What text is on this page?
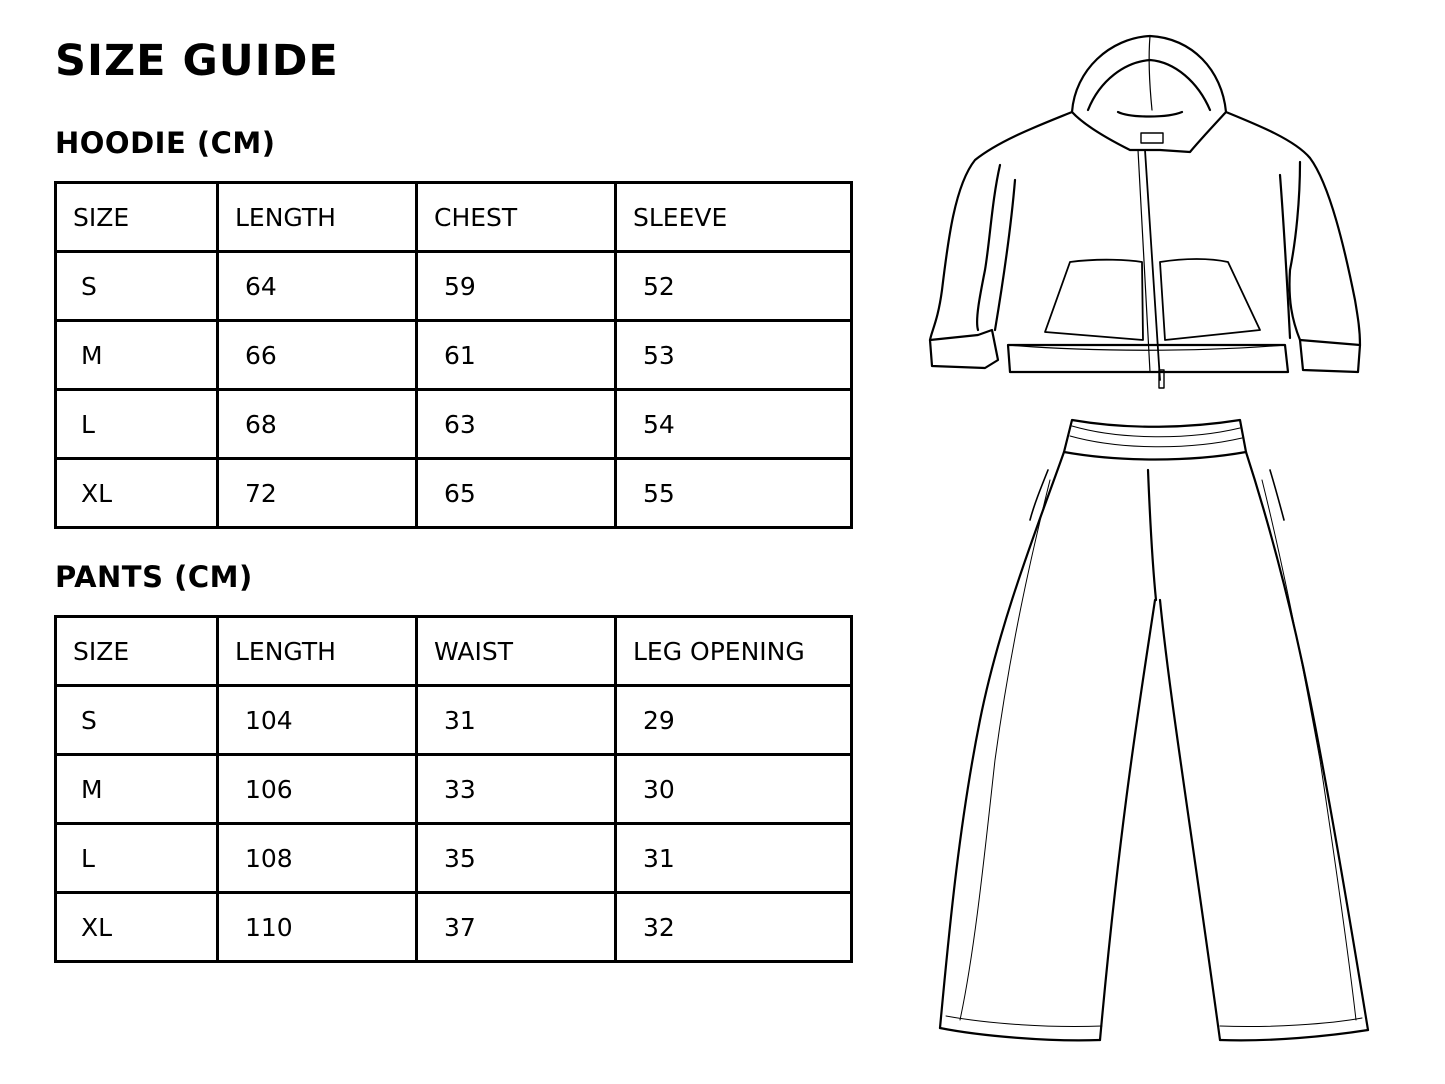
SIZE GUIDE
HOODIE (CM)
SIZE	LENGTH	CHEST	SLEEVE
S	64	59	52
M	66	61	53
L	68	63	54
XL	72	65	55
PANTS (CM)
SIZE	LENGTH	WAIST	LEG OPENING
S	104	31	29
M	106	33	30
L	108	35	31
XL	110	37	32
